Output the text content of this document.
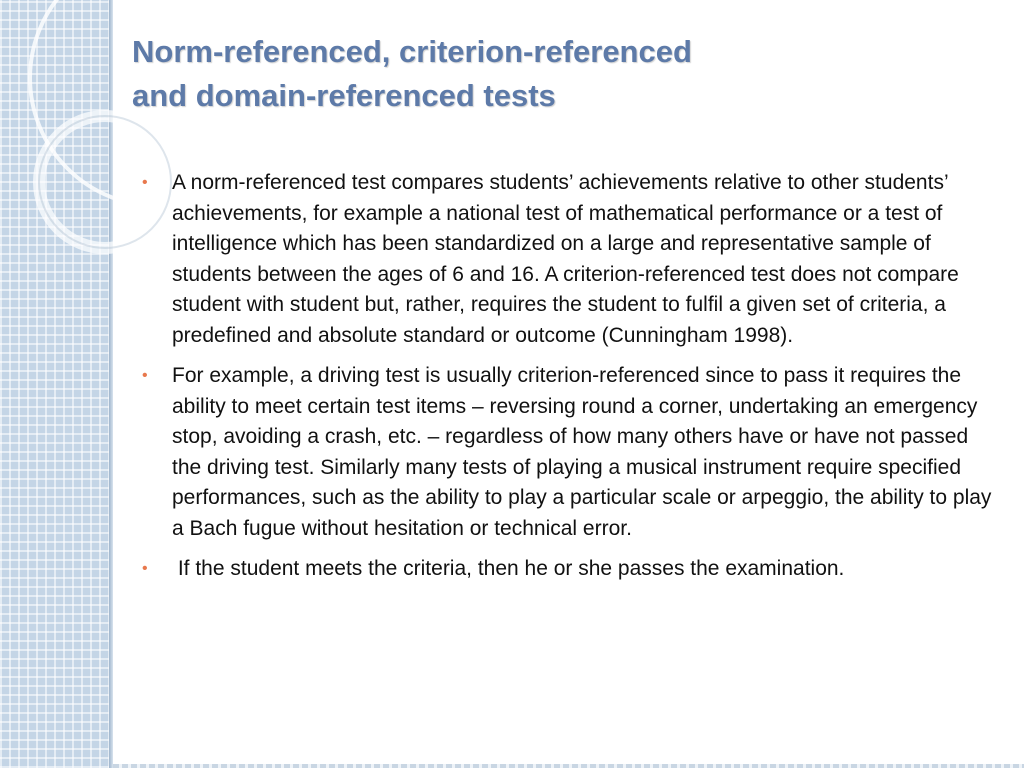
Norm-referenced, criterion-referenced
and domain-referenced tests
• A norm-referenced test compares students’ achievements relative to other students’ achievements, for example a national test of mathematical performance or a test of intelligence which has been standardized on a large and representative sample of students between the ages of 6 and 16. A criterion-referenced test does not compare student with student but, rather, requires the student to fulfil a given set of criteria, a predefined and absolute standard or outcome (Cunningham 1998).
• For example, a driving test is usually criterion-referenced since to pass it requires the ability to meet certain test items – reversing round a corner, undertaking an emergency stop, avoiding a crash, etc. – regardless of how many others have or have not passed the driving test. Similarly many tests of playing a musical instrument require specified performances, such as the ability to play a particular scale or arpeggio, the ability to play a Bach fugue without hesitation or technical error.
• If the student meets the criteria, then he or she passes the examination.
